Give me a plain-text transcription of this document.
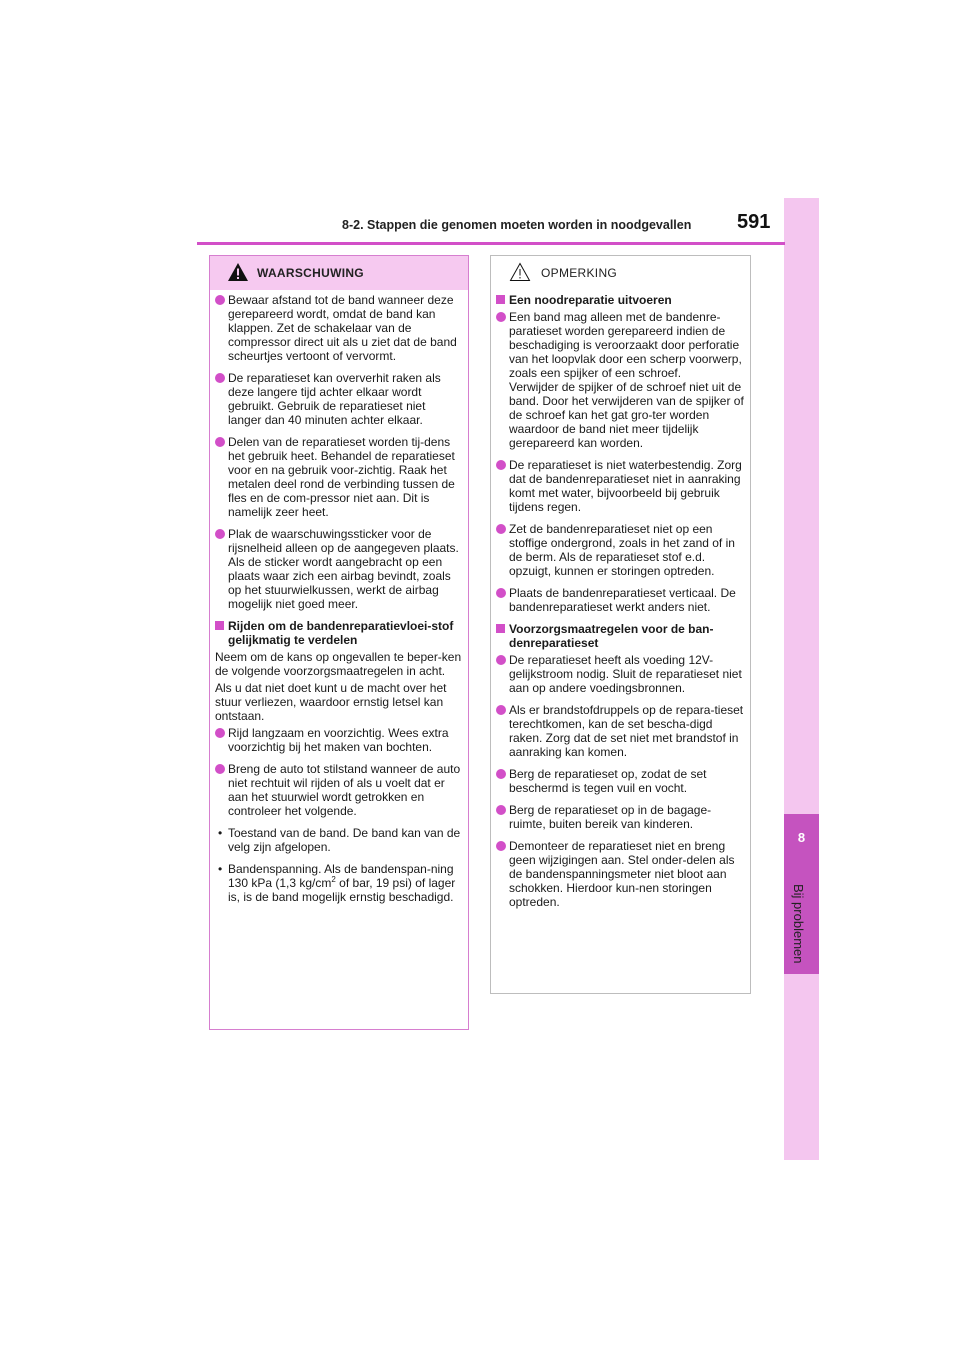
8
Bij problemen
8-2. Stappen die genomen moeten worden in noodgevallen 591
WAARSCHUWING
Bewaar afstand tot de band wanneer deze gerepareerd wordt, omdat de band kan klappen. Zet de schakelaar van de compressor direct uit als u ziet dat de band scheurtjes vertoont of vervormt.
De reparatieset kan oververhit raken als deze langere tijd achter elkaar wordt gebruikt. Gebruik de reparatieset niet langer dan 40 minuten achter elkaar.
Delen van de reparatieset worden tij-dens het gebruik heet. Behandel de reparatieset voor en na gebruik voor-zichtig. Raak het metalen deel rond de verbinding tussen de fles en de com-pressor niet aan. Dit is namelijk zeer heet.
Plak de waarschuwingssticker voor de rijsnelheid alleen op de aangegeven plaats. Als de sticker wordt aangebracht op een plaats waar zich een airbag bevindt, zoals op het stuurwielkussen, werkt de airbag mogelijk niet goed meer.
Rijden om de bandenreparatievloei-stof gelijkmatig te verdelen
Neem om de kans op ongevallen te beper-ken de volgende voorzorgsmaatregelen in acht.
Als u dat niet doet kunt u de macht over het stuur verliezen, waardoor ernstig letsel kan ontstaan.
Rijd langzaam en voorzichtig. Wees extra voorzichtig bij het maken van bochten.
Breng de auto tot stilstand wanneer de auto niet rechtuit wil rijden of als u voelt dat er aan het stuurwiel wordt getrokken en controleer het volgende.
• Toestand van de band. De band kan van de velg zijn afgelopen.
• Bandenspanning. Als de bandenspan-ning 130 kPa (1,3 $kg/cm^2$ of bar, 19 psi) of lager is, is de band mogelijk ernstig beschadigd.
OPMERKING
Een noodreparatie uitvoeren
Een band mag alleen met de bandenre-paratieset worden gerepareerd indien de beschadiging is veroorzaakt door perforatie van het loopvlak door een scherp voorwerp, zoals een spijker of een schroef.
Verwijder de spijker of de schroef niet uit de band. Door het verwijderen van de spijker of de schroef kan het gat gro-ter worden waardoor de band niet meer tijdelijk gerepareerd kan worden.
De reparatieset is niet waterbestendig. Zorg dat de bandenreparatieset niet in aanraking komt met water, bijvoorbeeld bij gebruik tijdens regen.
Zet de bandenreparatieset niet op een stoffige ondergrond, zoals in het zand of in de berm. Als de reparatieset stof e.d. opzuigt, kunnen er storingen optreden.
Plaats de bandenreparatieset verticaal. De bandenreparatieset werkt anders niet.
Voorzorgsmaatregelen voor de ban-denreparatieset
De reparatieset heeft als voeding 12V-gelijkstroom nodig. Sluit de reparatieset niet aan op andere voedingsbronnen.
Als er brandstofdruppels op de repara-tieset terechtkomen, kan de set bescha-digd raken. Zorg dat de set niet met brandstof in aanraking kan komen.
Berg de reparatieset op, zodat de set beschermd is tegen vuil en vocht.
Berg de reparatieset op in de bagage-ruimte, buiten bereik van kinderen.
Demonteer de reparatieset niet en breng geen wijzigingen aan. Stel onder-delen als de bandenspanningsmeter niet bloot aan schokken. Hierdoor kun-nen storingen optreden.
